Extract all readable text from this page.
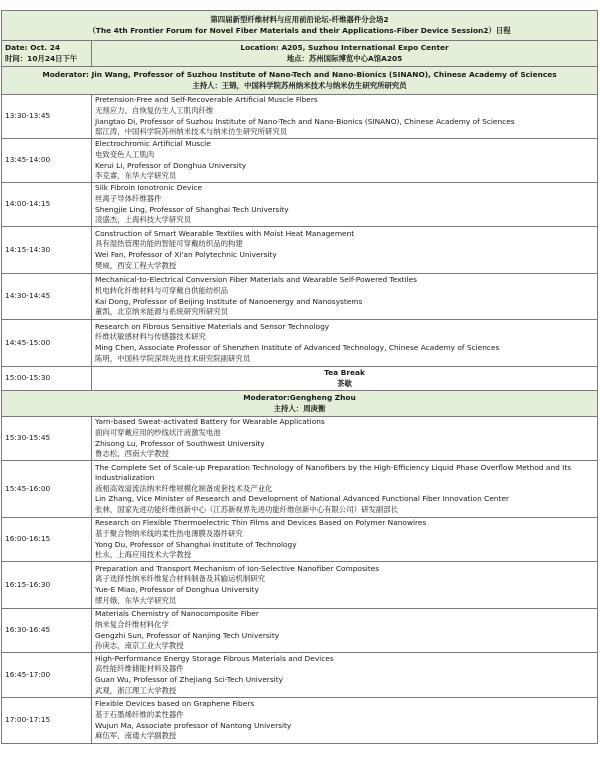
第四届新型纤维材料与应用前沿论坛-纤维器件分会场2
（The 4th Frontier Forum for Novel Fiber Materials and their Applications-Fiber Device Session2）日程	

Date: Oct. 24
时间：10月24日下午	Location: A205, Suzhou International Expo Center
地点：苏州国际博览中心A馆A205

Moderator: Jin Wang, Professor of Suzhou Institute of Nano-Tech and Nano-Bionics (SINANO), Chinese Academy of Sciences
主持人：王锦，中国科学院苏州纳米技术与纳米仿生研究所研究员	

13:30-13:45	Pretension-Free and Self-Recoverable Artificial Muscle Fibers
无预应力、自恢复仿生人工肌肉纤维
Jiangtao Di, Professor of Suzhou Institute of Nano-Tech and Nano-Bionics (SINANO), Chinese Academy of Sciences
邸江涛，中国科学院苏州纳米技术与纳米仿生研究所研究员

13:45-14:00	Electrochromic Artificial Muscle
电致变色人工肌肉
Kerui Li, Professor of Donghua University
李克睿，东华大学研究员

14:00-14:15	Silk Fibroin Ionotronic Device
丝离子导体纤维器件
Shengjie Ling, Professor of Shanghai Tech University
凌盛杰，上海科技大学研究员

14:15-14:30	Construction of Smart Wearable Textiles with Moist Heat Management
具有湿热管理功能的智能可穿戴纺织品的构建
Wei Fan, Professor of Xi'an Polytechnic University
樊威，西安工程大学教授

14:30-14:45	Mechanical-to-Electrical Conversion Fiber Materials and Wearable Self-Powered Textiles
机电转化纤维材料与可穿戴自供能纺织品
Kai Dong, Professor of Beijing Institute of Nanoenergy and Nanosystems
董凯，北京纳米能源与系统研究所研究员

14:45-15:00	Research on Fibrous Sensitive Materials and Sensor Technology
纤维状敏感材料与传感器技术研究
Ming Chen, Associate Professor of Shenzhen Institute of Advanced Technology, Chinese Academy of Sciences
陈明，中国科学院深圳先进技术研究院副研究员

15:00-15:30	Tea Break
茶歇

Moderator:Gengheng Zhou
主持人：周庚衡	

15:30-15:45	Yarn-based Sweat-activated Battery for Wearable Applications
面向可穿戴应用的纱线状汗液激发电池
Zhisong Lu, Professor of Southwest University
鲁志松，西南大学教授

15:45-16:00	The Complete Set of Scale-up Preparation Technology of Nanofibers by the High-Efficiency Liquid Phase Overflow Method and Its Industrialization
液相高效溢流法纳米纤维规模化制备成套技术及产业化
Lin Zhang, Vice Minister of Research and Development of National Advanced Functional Fiber Innovation Center
张林，国家先进功能纤维创新中心（江苏新视界先进功能纤维创新中心有限公司）研发副部长

16:00-16:15	Research on Flexible Thermoelectric Thin Films and Devices Based on Polymer Nanowires
基于聚合物纳米线的柔性热电薄膜及器件研究
Yong Du, Professor of Shanghai Institute of Technology
杜永，上海应用技术大学教授

16:15-16:30	Preparation and Transport Mechanism of Ion-Selective Nanofiber Composites
离子选择性纳米纤维复合材料制备及其输运机制研究
Yue-E Miao, Professor of Donghua University
缪月娥，东华大学研究员

16:30-16:45	Materials Chemistry of Nanocomposite Fiber
纳米复合纤维材料化学
Gengzhi Sun, Professor of Nanjing Tech University
孙庚志，南京工业大学教授

16:45-17:00	High-Performance Energy Storage Fibrous Materials and Devices
高性能纤维储能材料及器件
Guan Wu, Professor of Zhejiang Sci-Tech University
武观，浙江理工大学教授

17:00-17:15	Flexible Devices based on Graphene Fibers
基于石墨烯纤维的柔性器件
Wujun Ma, Associate professor of Nantong University
麻伍军，南通大学副教授
